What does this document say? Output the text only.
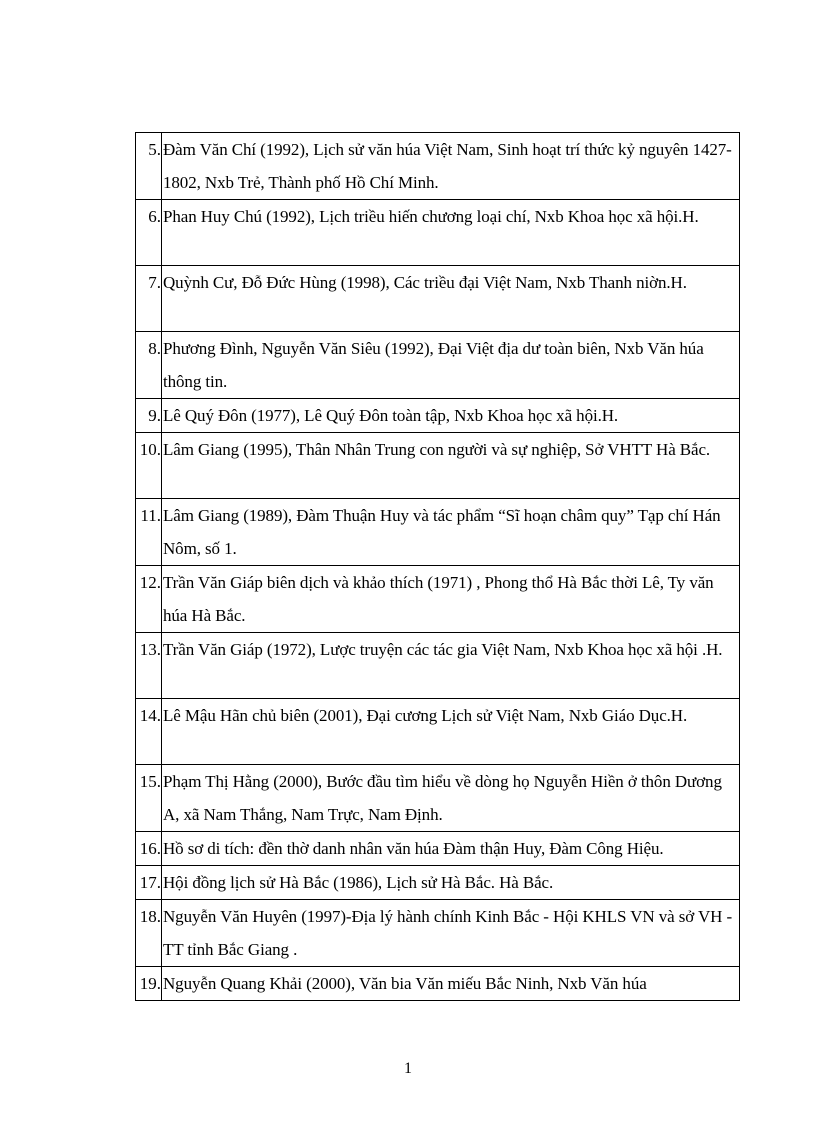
5.	Đàm Văn Chí (1992), Lịch sử văn húa Việt Nam, Sinh hoạt trí thức kỷ nguyên 1427-1802, Nxb Trẻ, Thành phố Hồ Chí Minh.
6.	Phan Huy Chú (1992), Lịch triều hiến chương loại chí, Nxb Khoa học xã hội.H.
7.	Quỳnh Cư, Đỗ Đức Hùng (1998), Các triều đại Việt Nam, Nxb Thanh niờn.H.
8.	Phương Đình, Nguyễn Văn Siêu (1992), Đại Việt địa dư toàn biên, Nxb Văn húa thông tin.
9.	Lê Quý Đôn (1977), Lê Quý Đôn toàn tập, Nxb Khoa học xã hội.H.
10.	Lâm Giang (1995), Thân Nhân Trung con người và sự nghiệp, Sở VHTT Hà Bắc.
11.	Lâm Giang (1989), Đàm Thuận Huy và tác phẩm “Sĩ hoạn châm quy” Tạp chí Hán Nôm, số 1.
12.	Trần Văn Giáp biên dịch và khảo thích (1971) , Phong thổ Hà Bắc thời Lê, Ty văn húa Hà Bắc.
13.	Trần Văn Giáp (1972), Lược truyện các tác gia Việt Nam, Nxb Khoa học xã hội .H.
14.	Lê Mậu Hãn chủ biên (2001), Đại cương Lịch sử Việt Nam, Nxb Giáo Dục.H.
15.	Phạm Thị Hằng (2000), Bước đầu tìm hiểu về dòng họ Nguyễn Hiền ở thôn Dương A, xã Nam Thắng, Nam Trực, Nam Định.
16.	Hồ sơ di tích: đền thờ danh nhân văn húa Đàm thận Huy, Đàm Công Hiệu.
17.	Hội đồng lịch sử Hà Bắc (1986), Lịch sử Hà Bắc. Hà Bắc.
18.	Nguyễn Văn Huyên (1997)-Địa lý hành chính Kinh Bắc - Hội KHLS VN và sở VH - TT tỉnh Bắc Giang .
19.	Nguyễn Quang Khải (2000), Văn bia Văn miếu Bắc Ninh, Nxb Văn húa
1
